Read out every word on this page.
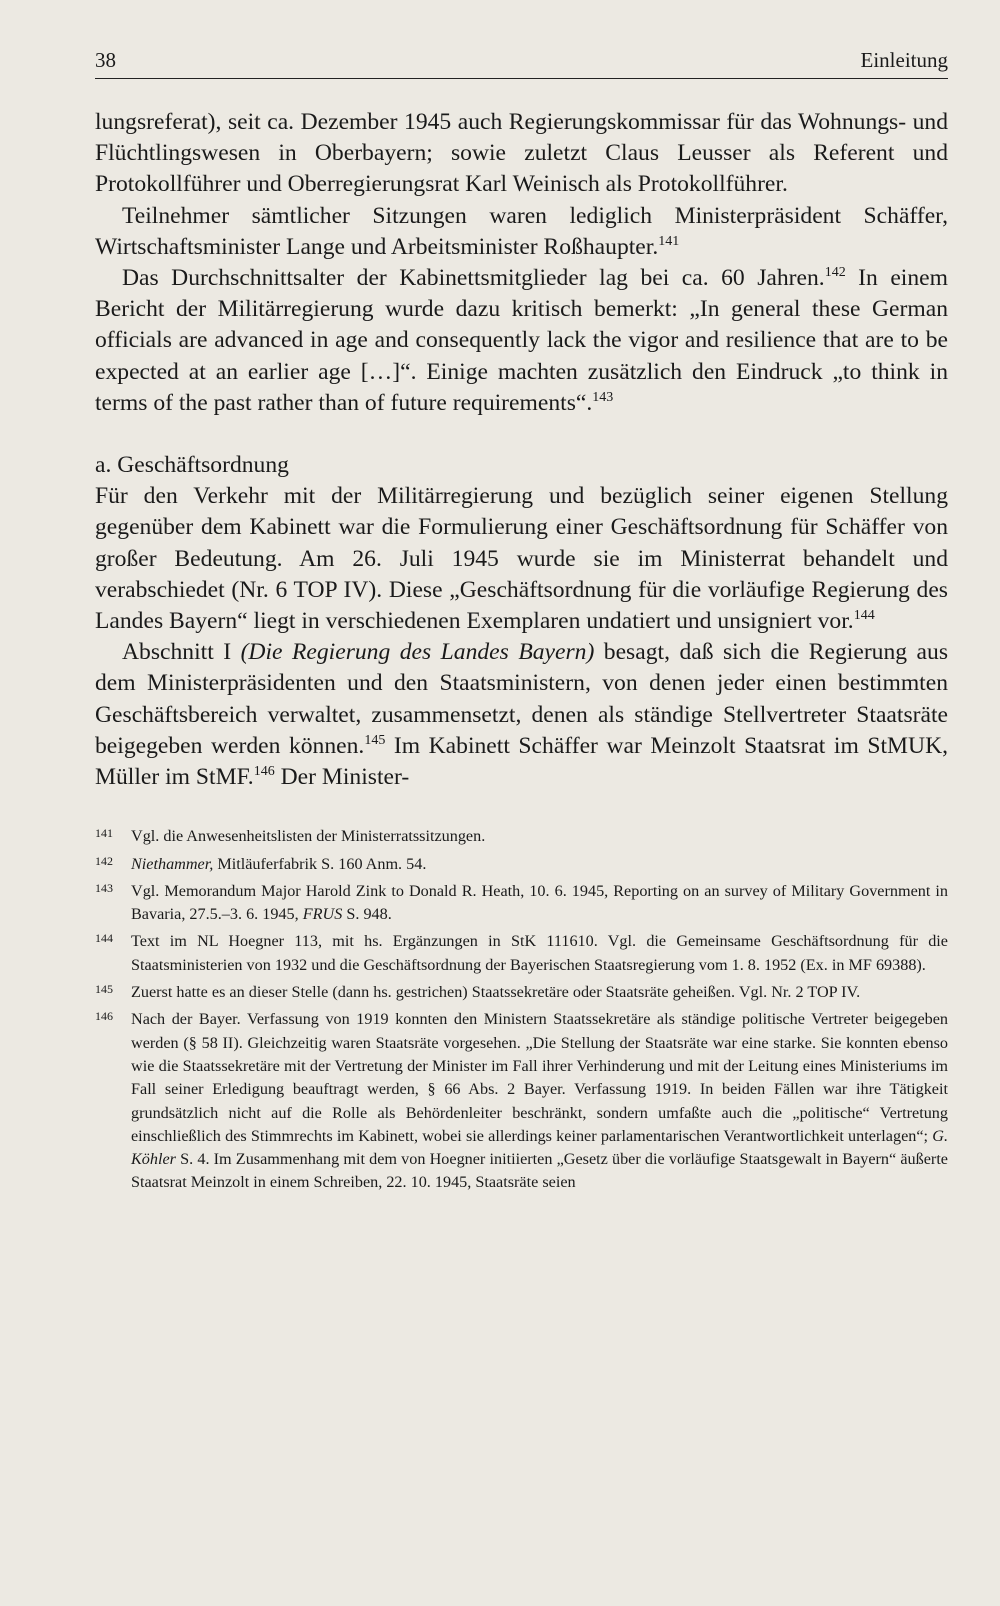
38	Einleitung

lungsreferat), seit ca. Dezember 1945 auch Regierungskommissar für das Wohnungs- und Flüchtlingswesen in Oberbayern; sowie zuletzt Claus Leusser als Referent und Protokollführer und Oberregierungsrat Karl Weinisch als Protokollführer.

Teilnehmer sämtlicher Sitzungen waren lediglich Ministerpräsident Schäffer, Wirtschaftsminister Lange und Arbeitsminister Roßhaupter.$^{141}$

Das Durchschnittsalter der Kabinettsmitglieder lag bei ca. 60 Jahren.$^{142}$ In einem Bericht der Militärregierung wurde dazu kritisch bemerkt: „In general these German officials are advanced in age and consequently lack the vigor and resilience that are to be expected at an earlier age […]“. Einige machten zusätzlich den Eindruck „to think in terms of the past rather than of future requirements“.$^{143}$

a. Geschäftsordnung

Für den Verkehr mit der Militärregierung und bezüglich seiner eigenen Stellung gegenüber dem Kabinett war die Formulierung einer Geschäftsordnung für Schäffer von großer Bedeutung. Am 26. Juli 1945 wurde sie im Ministerrat behandelt und verabschiedet (Nr. 6 TOP IV). Diese „Geschäftsordnung für die vorläufige Regierung des Landes Bayern“ liegt in verschiedenen Exemplaren undatiert und unsigniert vor.$^{144}$

Abschnitt I (Die Regierung des Landes Bayern) besagt, daß sich die Regierung aus dem Ministerpräsidenten und den Staatsministern, von denen jeder einen bestimmten Geschäftsbereich verwaltet, zusammensetzt, denen als ständige Stellvertreter Staatsräte beigegeben werden können.$^{145}$ Im Kabinett Schäffer war Meinzolt Staatsrat im StMUK, Müller im StMF.$^{146}$ Der Minister-

141 Vgl. die Anwesenheitslisten der Ministerratssitzungen.
142 Niethammer, Mitläuferfabrik S. 160 Anm. 54.
143 Vgl. Memorandum Major Harold Zink to Donald R. Heath, 10. 6. 1945, Reporting on an survey of Military Government in Bavaria, 27.5.–3. 6. 1945, FRUS S. 948.
144 Text im NL Hoegner 113, mit hs. Ergänzungen in StK 111610. Vgl. die Gemeinsame Geschäftsordnung für die Staatsministerien von 1932 und die Geschäftsordnung der Bayerischen Staatsregierung vom 1. 8. 1952 (Ex. in MF 69388).
145 Zuerst hatte es an dieser Stelle (dann hs. gestrichen) Staatssekretäre oder Staatsräte geheißen. Vgl. Nr. 2 TOP IV.
146 Nach der Bayer. Verfassung von 1919 konnten den Ministern Staatssekretäre als ständige politische Vertreter beigegeben werden (§ 58 II). Gleichzeitig waren Staatsräte vorgesehen. „Die Stellung der Staatsräte war eine starke. Sie konnten ebenso wie die Staatssekretäre mit der Vertretung der Minister im Fall ihrer Verhinderung und mit der Leitung eines Ministeriums im Fall seiner Erledigung beauftragt werden, § 66 Abs. 2 Bayer. Verfassung 1919. In beiden Fällen war ihre Tätigkeit grundsätzlich nicht auf die Rolle als Behördenleiter beschränkt, sondern umfaßte auch die „politische“ Vertretung einschließlich des Stimmrechts im Kabinett, wobei sie allerdings keiner parlamentarischen Verantwortlichkeit unterlagen“; G. Köhler S. 4. Im Zusammenhang mit dem von Hoegner initiierten „Gesetz über die vorläufige Staatsgewalt in Bayern“ äußerte Staatsrat Meinzolt in einem Schreiben, 22. 10. 1945, Staatsräte seien
